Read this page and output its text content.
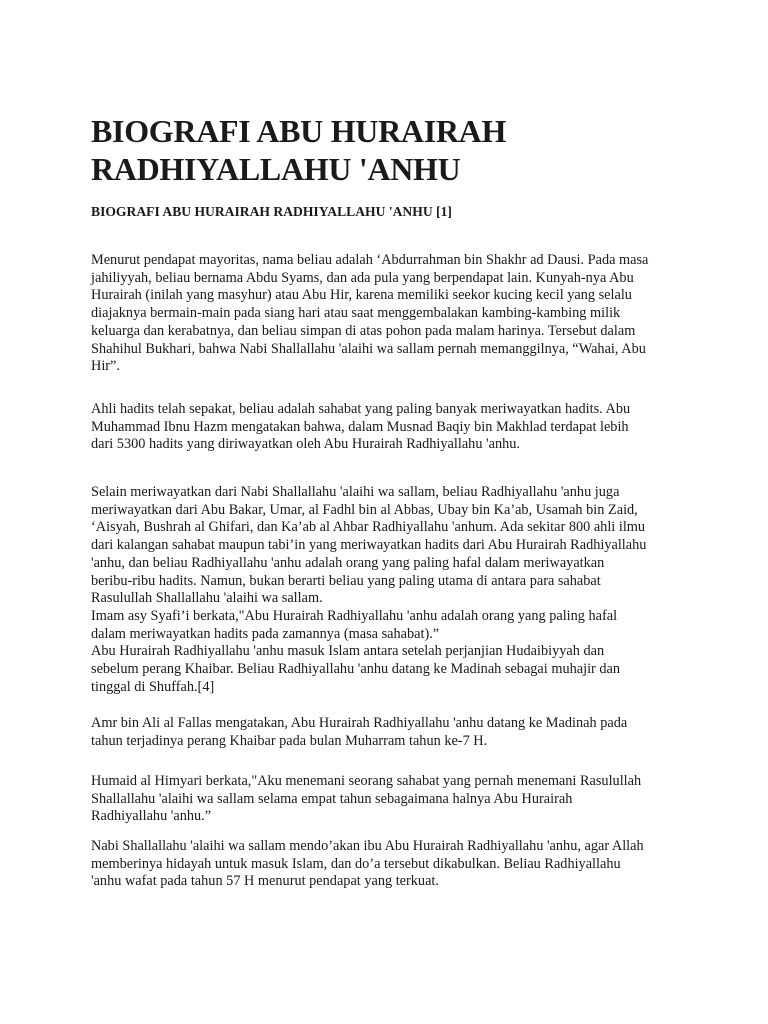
BIOGRAFI ABU HURAIRAH
RADHIYALLAHU 'ANHU
BIOGRAFI ABU HURAIRAH RADHIYALLAHU 'ANHU [1]

Menurut pendapat mayoritas, nama beliau adalah ‘Abdurrahman bin Shakhr ad Dausi. Pada masa
jahiliyyah, beliau bernama Abdu Syams, dan ada pula yang berpendapat lain. Kunyah-nya Abu
Hurairah (inilah yang masyhur) atau Abu Hir, karena memiliki seekor kucing kecil yang selalu
diajaknya bermain-main pada siang hari atau saat menggembalakan kambing-kambing milik
keluarga dan kerabatnya, dan beliau simpan di atas pohon pada malam harinya. Tersebut dalam
Shahihul Bukhari, bahwa Nabi Shallallahu 'alaihi wa sallam pernah memanggilnya, “Wahai, Abu
Hir”.

Ahli hadits telah sepakat, beliau adalah sahabat yang paling banyak meriwayatkan hadits. Abu
Muhammad Ibnu Hazm mengatakan bahwa, dalam Musnad Baqiy bin Makhlad terdapat lebih
dari 5300 hadits yang diriwayatkan oleh Abu Hurairah Radhiyallahu 'anhu.

Selain meriwayatkan dari Nabi Shallallahu 'alaihi wa sallam, beliau Radhiyallahu 'anhu juga
meriwayatkan dari Abu Bakar, Umar, al Fadhl bin al Abbas, Ubay bin Ka’ab, Usamah bin Zaid,
‘Aisyah, Bushrah al Ghifari, dan Ka’ab al Ahbar Radhiyallahu 'anhum. Ada sekitar 800 ahli ilmu
dari kalangan sahabat maupun tabi’in yang meriwayatkan hadits dari Abu Hurairah Radhiyallahu
'anhu, dan beliau Radhiyallahu 'anhu adalah orang yang paling hafal dalam meriwayatkan
beribu-ribu hadits. Namun, bukan berarti beliau yang paling utama di antara para sahabat
Rasulullah Shallallahu 'alaihi wa sallam.

Imam asy Syafi’i berkata,"Abu Hurairah Radhiyallahu 'anhu adalah orang yang paling hafal
dalam meriwayatkan hadits pada zamannya (masa sahabat).”
Abu Hurairah Radhiyallahu 'anhu masuk Islam antara setelah perjanjian Hudaibiyyah dan
sebelum perang Khaibar. Beliau Radhiyallahu 'anhu datang ke Madinah sebagai muhajir dan
tinggal di Shuffah.[4]

Amr bin Ali al Fallas mengatakan, Abu Hurairah Radhiyallahu 'anhu datang ke Madinah pada
tahun terjadinya perang Khaibar pada bulan Muharram tahun ke-7 H.

Humaid al Himyari berkata,"Aku menemani seorang sahabat yang pernah menemani Rasulullah
Shallallahu 'alaihi wa sallam selama empat tahun sebagaimana halnya Abu Hurairah
Radhiyallahu 'anhu.”

Nabi Shallallahu 'alaihi wa sallam mendo’akan ibu Abu Hurairah Radhiyallahu 'anhu, agar Allah
memberinya hidayah untuk masuk Islam, dan do’a tersebut dikabulkan. Beliau Radhiyallahu
'anhu wafat pada tahun 57 H menurut pendapat yang terkuat.
